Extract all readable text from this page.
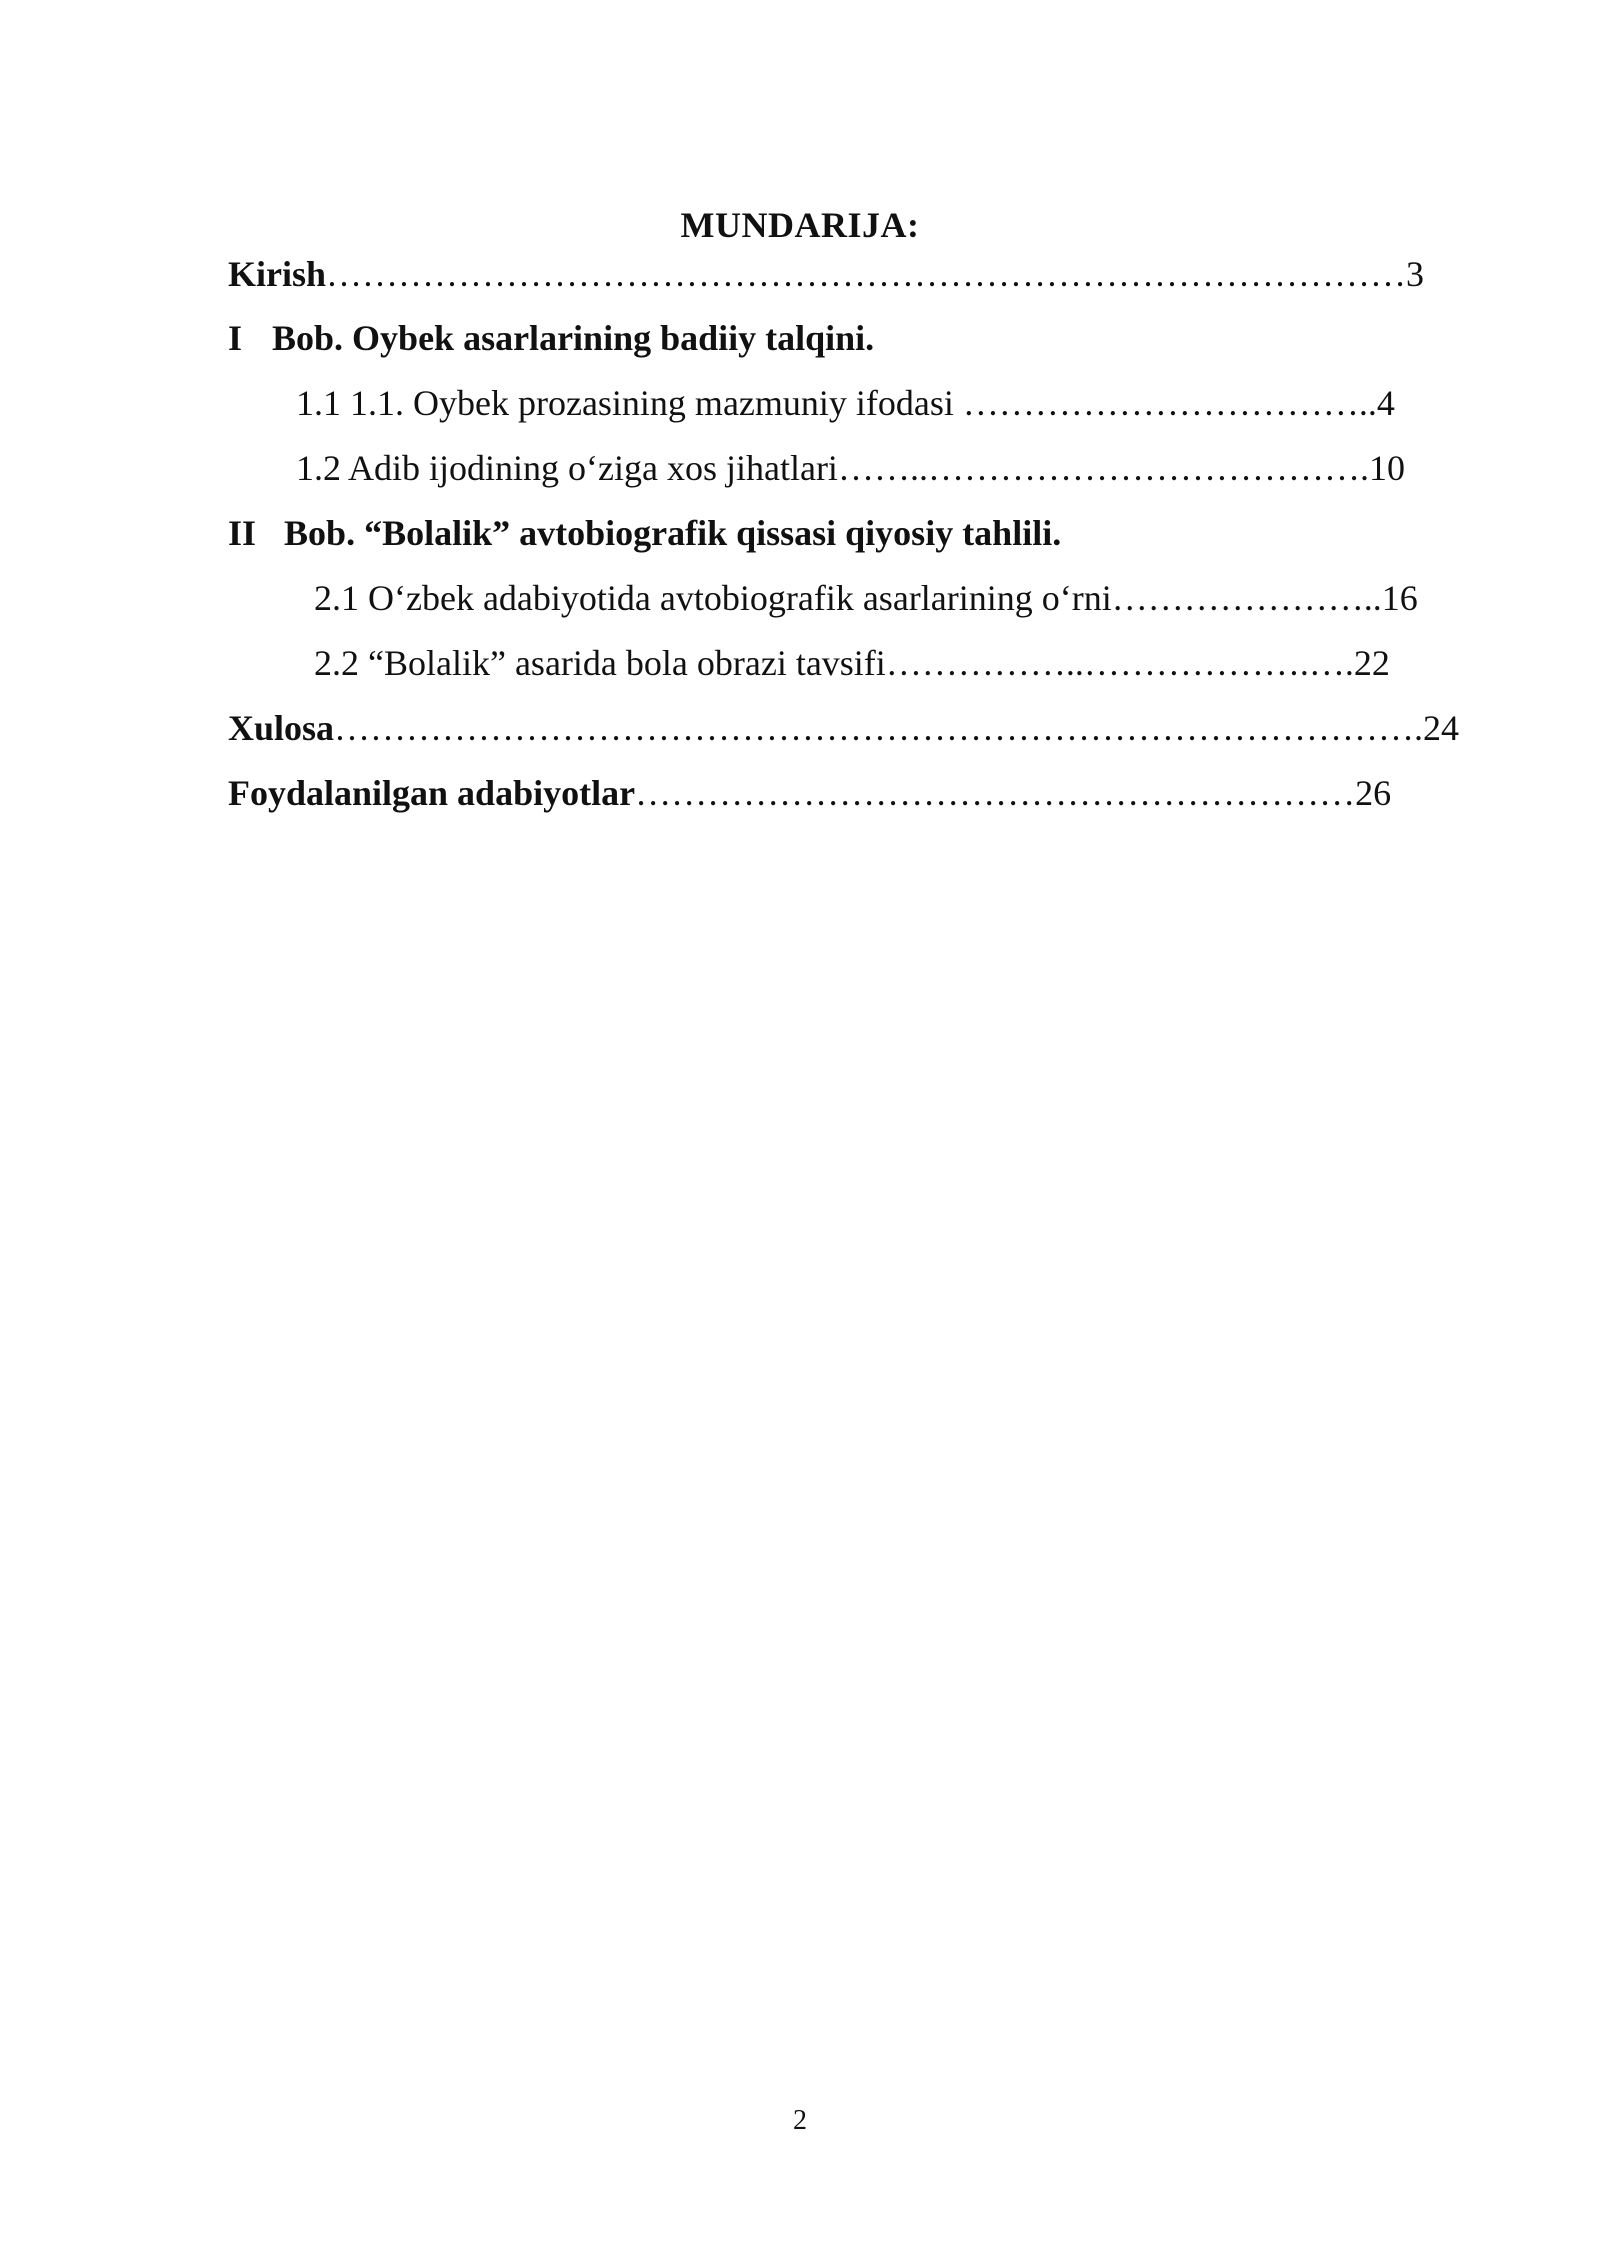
MUNDARIJA:
Kirish………………………………………………………………………………3
I Bob. Oybek asarlarining badiiy talqini.
1.1 1.1. Oybek prozasining mazmuniy ifodasi ……………………………..4
1.2 Adib ijodining o‘ziga xos jihatlari……..……………………………….10
II Bob. “Bolalik” avtobiografik qissasi qiyosiy tahlili.
2.1 O‘zbek adabiyotida avtobiografik asarlarining o‘rni…………………..16
2.2 “Bolalik” asarida bola obrazi tavsifi……………..……………….….22
Xulosa……………………………………………………………………………….24
Foydalanilgan adabiyotlar……………………………………………………26
2
